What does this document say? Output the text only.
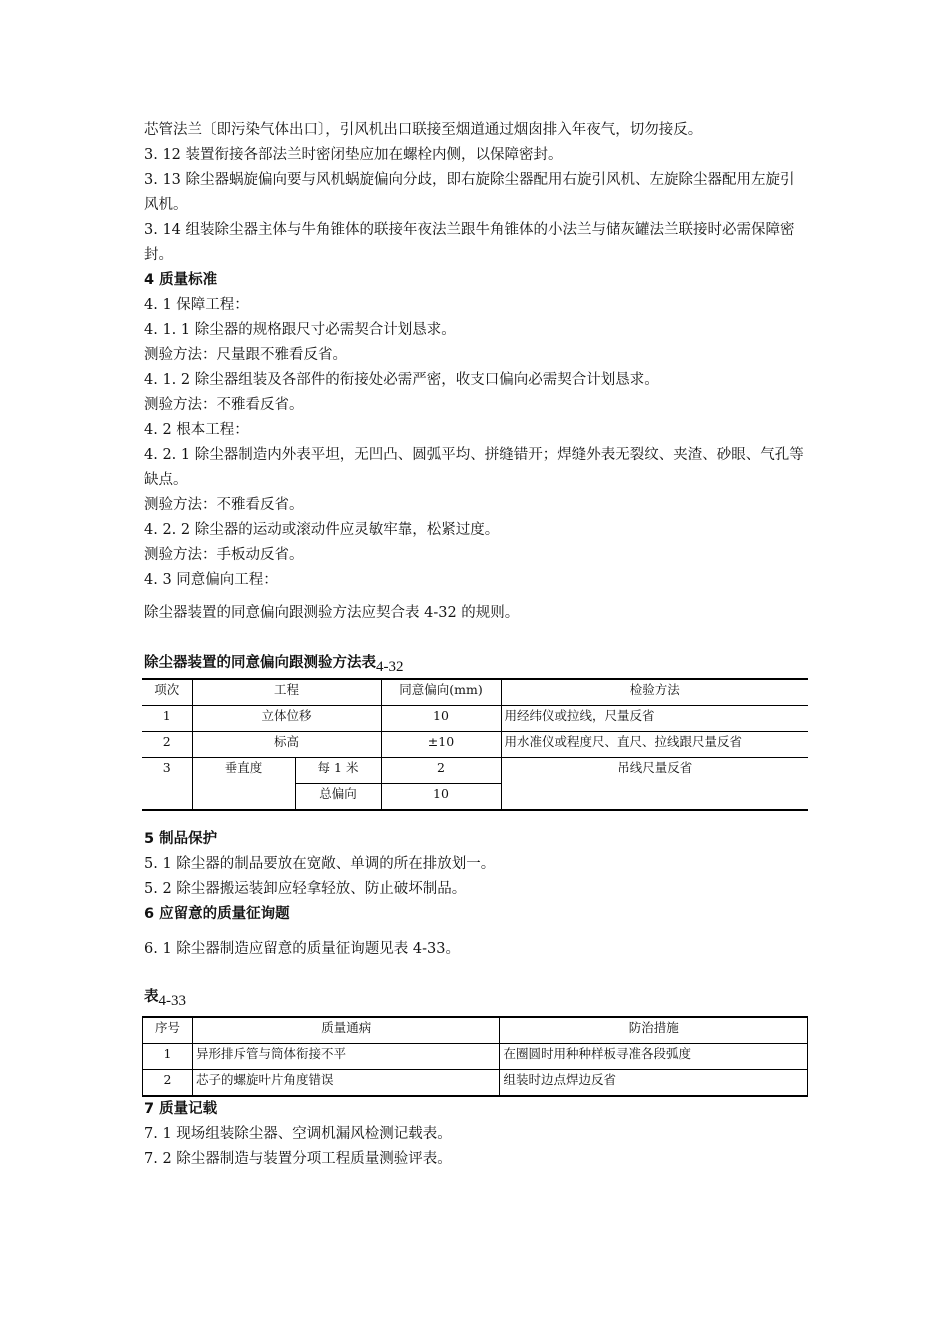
芯管法兰〔即污染气体出口〕，引风机出口联接至烟道通过烟囱排入年夜气，切勿接反。
3. 12 装置衔接各部法兰时密闭垫应加在螺栓内侧，以保障密封。
3. 13 除尘器蜗旋偏向要与风机蜗旋偏向分歧，即右旋除尘器配用右旋引风机、左旋除尘器配用左旋引风机。
3. 14 组装除尘器主体与牛角锥体的联接年夜法兰跟牛角锥体的小法兰与储灰罐法兰联接时必需保障密封。
4 质量标准
4. 1 保障工程：
4. 1. 1 除尘器的规格跟尺寸必需契合计划恳求。
测验方法：尺量跟不雅看反省。
4. 1. 2 除尘器组装及各部件的衔接处必需严密，收支口偏向必需契合计划恳求。
测验方法：不雅看反省。
4. 2 根本工程：
4. 2. 1 除尘器制造内外表平坦，无凹凸、圆弧平均、拼缝错开；焊缝外表无裂纹、夹渣、砂眼、气孔等缺点。
测验方法：不雅看反省。
4. 2. 2 除尘器的运动或滚动件应灵敏牢靠，松紧过度。
测验方法：手板动反省。
4. 3 同意偏向工程：
除尘器装置的同意偏向跟测验方法应契合表 4-32 的规则。
除尘器装置的同意偏向跟测验方法表4-32
项次	工程		同意偏向(mm)	检验方法
1	立体位移		10	用经纬仪或拉线，尺量反省
2	标高		±10	用水准仪或程度尺、直尺、拉线跟尺量反省
3	垂直度	每 1 米	2	吊线尺量反省
		总偏向	10	
5 制品保护
5. 1 除尘器的制品要放在宽敞、单调的所在排放划一。
5. 2 除尘器搬运装卸应轻拿轻放、防止破坏制品。
6 应留意的质量征询题
6. 1 除尘器制造应留意的质量征询题见表 4-33。
表4-33
序号	质量通病	防治措施
1	异形排斥管与筒体衔接不平	在圈圆时用种种样板寻准各段弧度
2	芯子的螺旋叶片角度错误	组装时边点焊边反省
7 质量记载
7. 1 现场组装除尘器、空调机漏风检测记载表。
7. 2 除尘器制造与装置分项工程质量测验评表。
